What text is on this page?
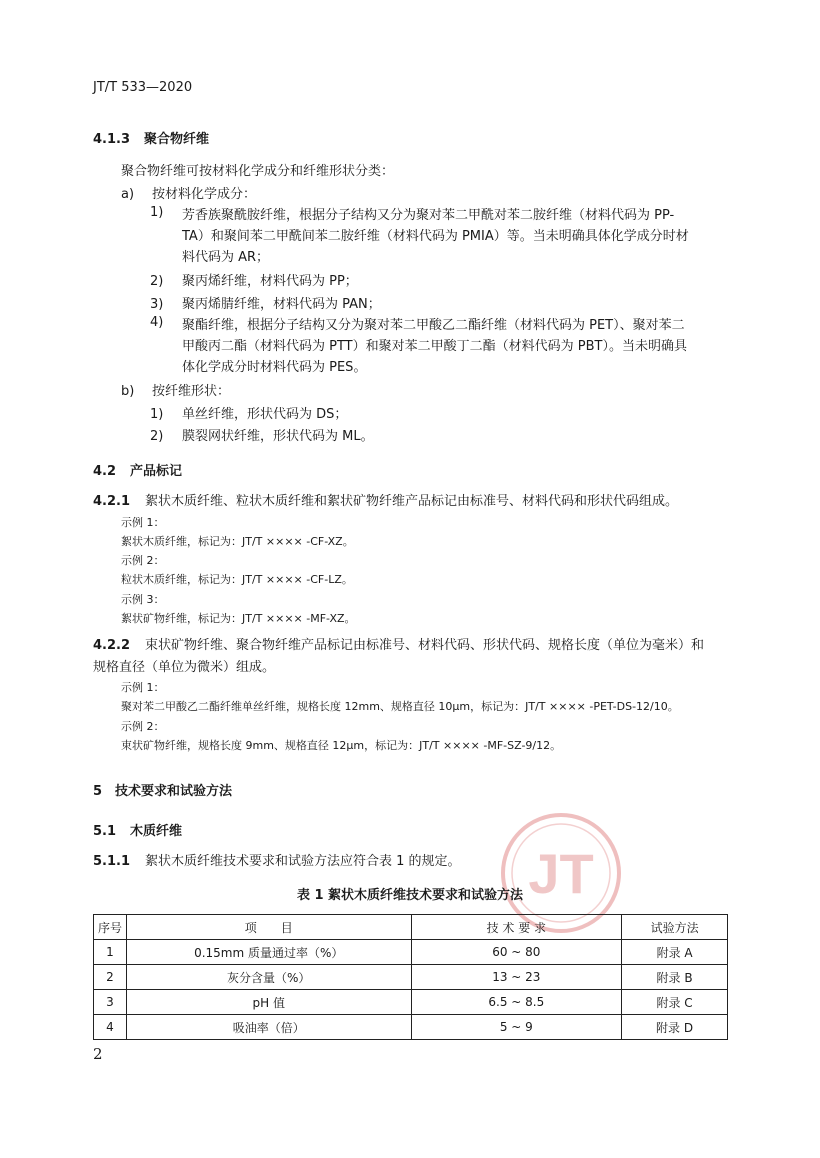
JT/T 533—2020
4.1.3 聚合物纤维
聚合物纤维可按材料化学成分和纤维形状分类：
a) 按材料化学成分：
1) 芳香族聚酰胺纤维，根据分子结构又分为聚对苯二甲酰对苯二胺纤维（材料代码为 PP-
TA）和聚间苯二甲酰间苯二胺纤维（材料代码为 PMIA）等。当未明确具体化学成分时材
料代码为 AR；
2) 聚丙烯纤维，材料代码为 PP；
3) 聚丙烯腈纤维，材料代码为 PAN；
4) 聚酯纤维，根据分子结构又分为聚对苯二甲酸乙二酯纤维（材料代码为 PET）、聚对苯二
甲酸丙二酯（材料代码为 PTT）和聚对苯二甲酸丁二酯（材料代码为 PBT）。当未明确具
体化学成分时材料代码为 PES。
b) 按纤维形状：
1) 单丝纤维，形状代码为 DS；
2) 膜裂网状纤维，形状代码为 ML。
4.2 产品标记
4.2.1 絮状木质纤维、粒状木质纤维和絮状矿物纤维产品标记由标准号、材料代码和形状代码组成。
示例 1：
絮状木质纤维，标记为：JT/T ×××× -CF-XZ。
示例 2：
粒状木质纤维，标记为：JT/T ×××× -CF-LZ。
示例 3：
絮状矿物纤维，标记为：JT/T ×××× -MF-XZ。
4.2.2 束状矿物纤维、聚合物纤维产品标记由标准号、材料代码、形状代码、规格长度（单位为毫米）和
规格直径（单位为微米）组成。
示例 1：
聚对苯二甲酸乙二酯纤维单丝纤维，规格长度 12mm、规格直径 10μm，标记为：JT/T ×××× -PET-DS-12/10。
示例 2：
束状矿物纤维，规格长度 9mm、规格直径 12μm，标记为：JT/T ×××× -MF-SZ-9/12。
5 技术要求和试验方法
5.1 木质纤维
5.1.1 絮状木质纤维技术要求和试验方法应符合表 1 的规定。 JT
表 1 絮状木质纤维技术要求和试验方法
序号	项　　目	技 术 要 求	试验方法
1	0.15mm 质量通过率（%）	60 ~ 80	附录 A
2	灰分含量（%）	13 ~ 23	附录 B
3	pH 值	6.5 ~ 8.5	附录 C
4	吸油率（倍）	5 ~ 9	附录 D
2
